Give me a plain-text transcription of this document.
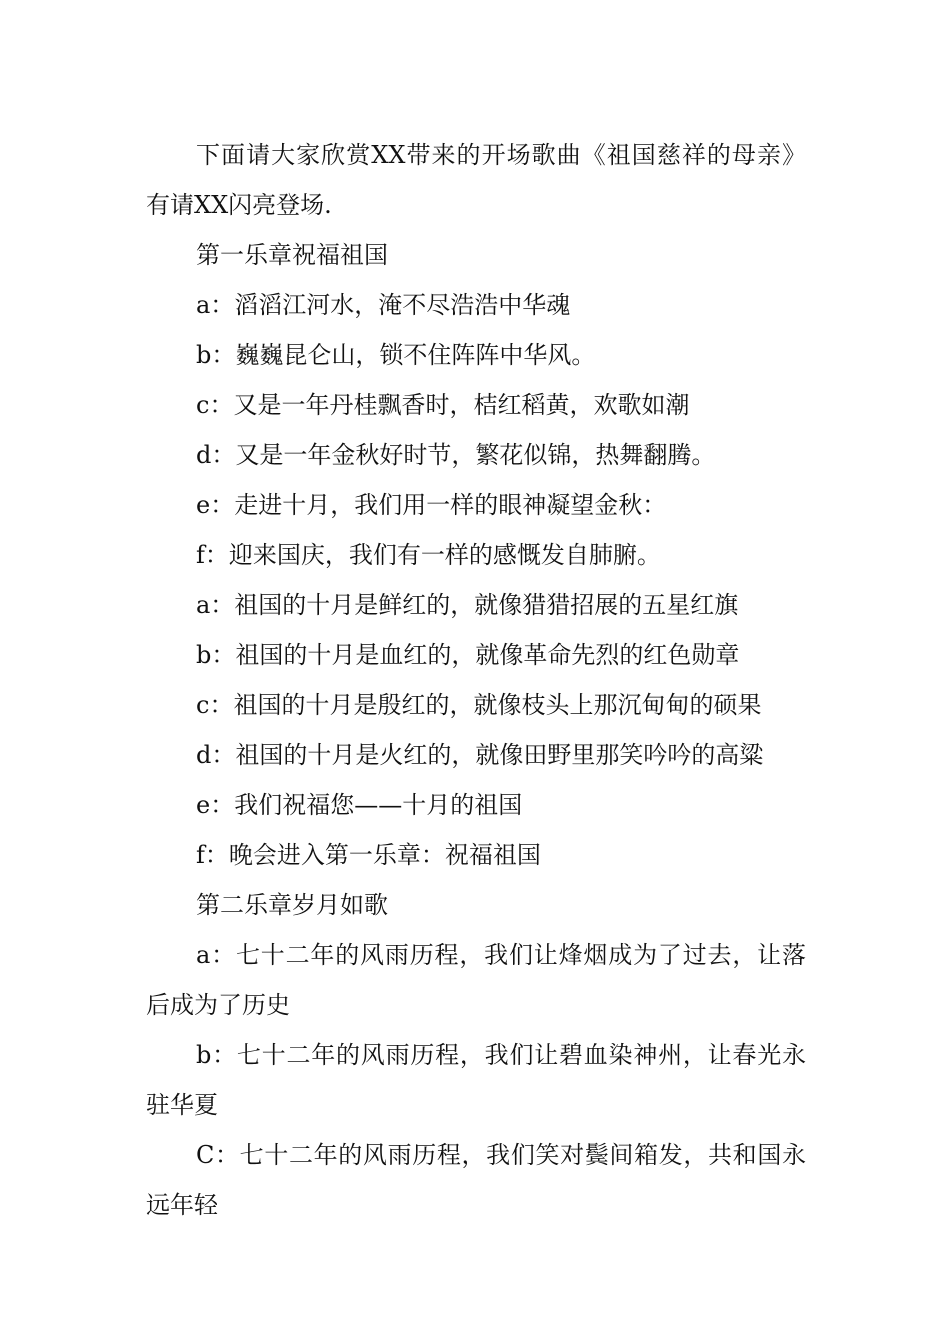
下面请大家欣赏XX带来的开场歌曲《祖国慈祥的母亲》有请XX闪亮登场.

第一乐章祝福祖国

a：滔滔江河水，淹不尽浩浩中华魂

b：巍巍昆仑山，锁不住阵阵中华风。

c：又是一年丹桂飘香时，桔红稻黄，欢歌如潮

d：又是一年金秋好时节，繁花似锦，热舞翻腾。

e：走进十月，我们用一样的眼神凝望金秋：

f：迎来国庆，我们有一样的感慨发自肺腑。

a：祖国的十月是鲜红的，就像猎猎招展的五星红旗

b：祖国的十月是血红的，就像革命先烈的红色勋章

c：祖国的十月是殷红的，就像枝头上那沉甸甸的硕果

d：祖国的十月是火红的，就像田野里那笑吟吟的高粱

e：我们祝福您——十月的祖国

f：晚会进入第一乐章：祝福祖国

第二乐章岁月如歌

a：七十二年的风雨历程，我们让烽烟成为了过去，让落后成为了历史

b：七十二年的风雨历程，我们让碧血染神州，让春光永驻华夏

C：七十二年的风雨历程，我们笑对鬓间箱发，共和国永远年轻
